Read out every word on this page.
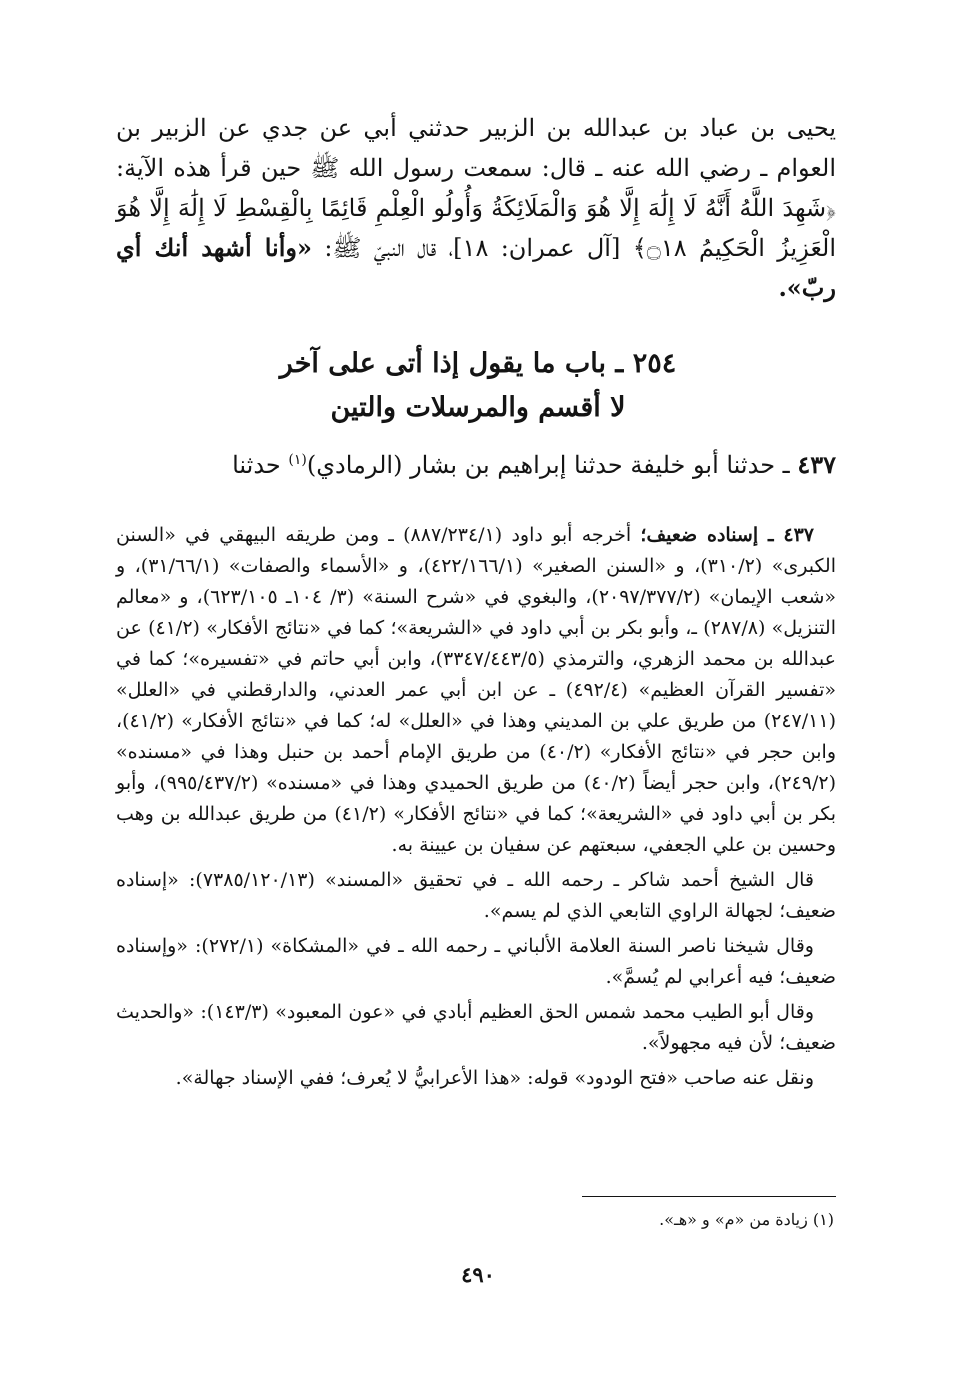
يحيى بن عباد بن عبدالله بن الزبير حدثني أبي عن جدي عن الزبير بن العوام ـ رضي الله عنه ـ قال: سمعت رسول الله ﷺ حين قرأ هذه الآية: ﴿شَهِدَ اللَّهُ أَنَّهُ لَا إِلَٰهَ إِلَّا هُوَ وَالْمَلَائِكَةُ وَأُولُو الْعِلْمِ قَائِمًا بِالْقِسْطِ لَا إِلَٰهَ إِلَّا هُوَ الْعَزِيزُ الْحَكِيمُ ۝١٨﴾ [آل عمران: ١٨]، قال النبيّ ﷺ: «وأنا أشهد أنك أي ربّ».
٢٥٤ ـ باب ما يقول إذا أتى على آخر
لا أقسم والمرسلات والتين
٤٣٧ ـ حدثنا أبو خليفة حدثنا إبراهيم بن بشار (الرمادي)$^{(١)}$ حدثنا

٤٣٧ ـ إسناده ضعيف؛ أخرجه أبو داود (٨٨٧/٢٣٤/١) ـ ومن طريقه البيهقي في «السنن الكبرى» (٣١٠/٢)، و «السنن الصغير» (٤٢٢/١٦٦/١)، و «الأسماء والصفات» (٣١/٦٦/١)، و «شعب الإيمان» (٢٠٩٧/٣٧٧/٢)، والبغوي في «شرح السنة» (٣/ ١٠٤ـ ٦٢٣/١٠٥)، و «معالم التنزيل» (٢٨٧/٨) ـ، وأبو بكر بن أبي داود في «الشريعة»؛ كما في «نتائج الأفكار» (٤١/٢) عن عبدالله بن محمد الزهري، والترمذي (٣٣٤٧/٤٤٣/٥)، وابن أبي حاتم في «تفسيره»؛ كما في «تفسير القرآن العظيم» (٤٩٢/٤) ـ عن ابن أبي عمر العدني، والدارقطني في «العلل» (٢٤٧/١١) من طريق علي بن المديني وهذا في «العلل» له؛ كما في «نتائج الأفكار» (٤١/٢)، وابن حجر في «نتائج الأفكار» (٤٠/٢) من طريق الإمام أحمد بن حنبل وهذا في «مسنده» (٢٤٩/٢)، وابن حجر أيضاً (٤٠/٢) من طريق الحميدي وهذا في «مسنده» (٩٩٥/٤٣٧/٢)، وأبو بكر بن أبي داود في «الشريعة»؛ كما في «نتائج الأفكار» (٤١/٢) من طريق عبدالله بن وهب وحسين بن علي الجعفي، سبعتهم عن سفيان بن عيينة به.

قال الشيخ أحمد شاكر ـ رحمه الله ـ في تحقيق «المسند» (٧٣٨٥/١٢٠/١٣): «إسناده ضعيف؛ لجهالة الراوي التابعي الذي لم يسم».

وقال شيخنا ناصر السنة العلامة الألباني ـ رحمه الله ـ في «المشكاة» (٢٧٢/١): «وإسناده ضعيف؛ فيه أعرابي لم يُسمَّ».

وقال أبو الطيب محمد شمس الحق العظيم أبادي في «عون المعبود» (١٤٣/٣): «والحديث ضعيف؛ لأن فيه مجهولاً».

ونقل عنه صاحب «فتح الودود» قوله: «هذا الأعرابيُّ لا يُعرف؛ ففي الإسناد جهالة».

(١) زيادة من «م» و «هـ».
٤٩٠
